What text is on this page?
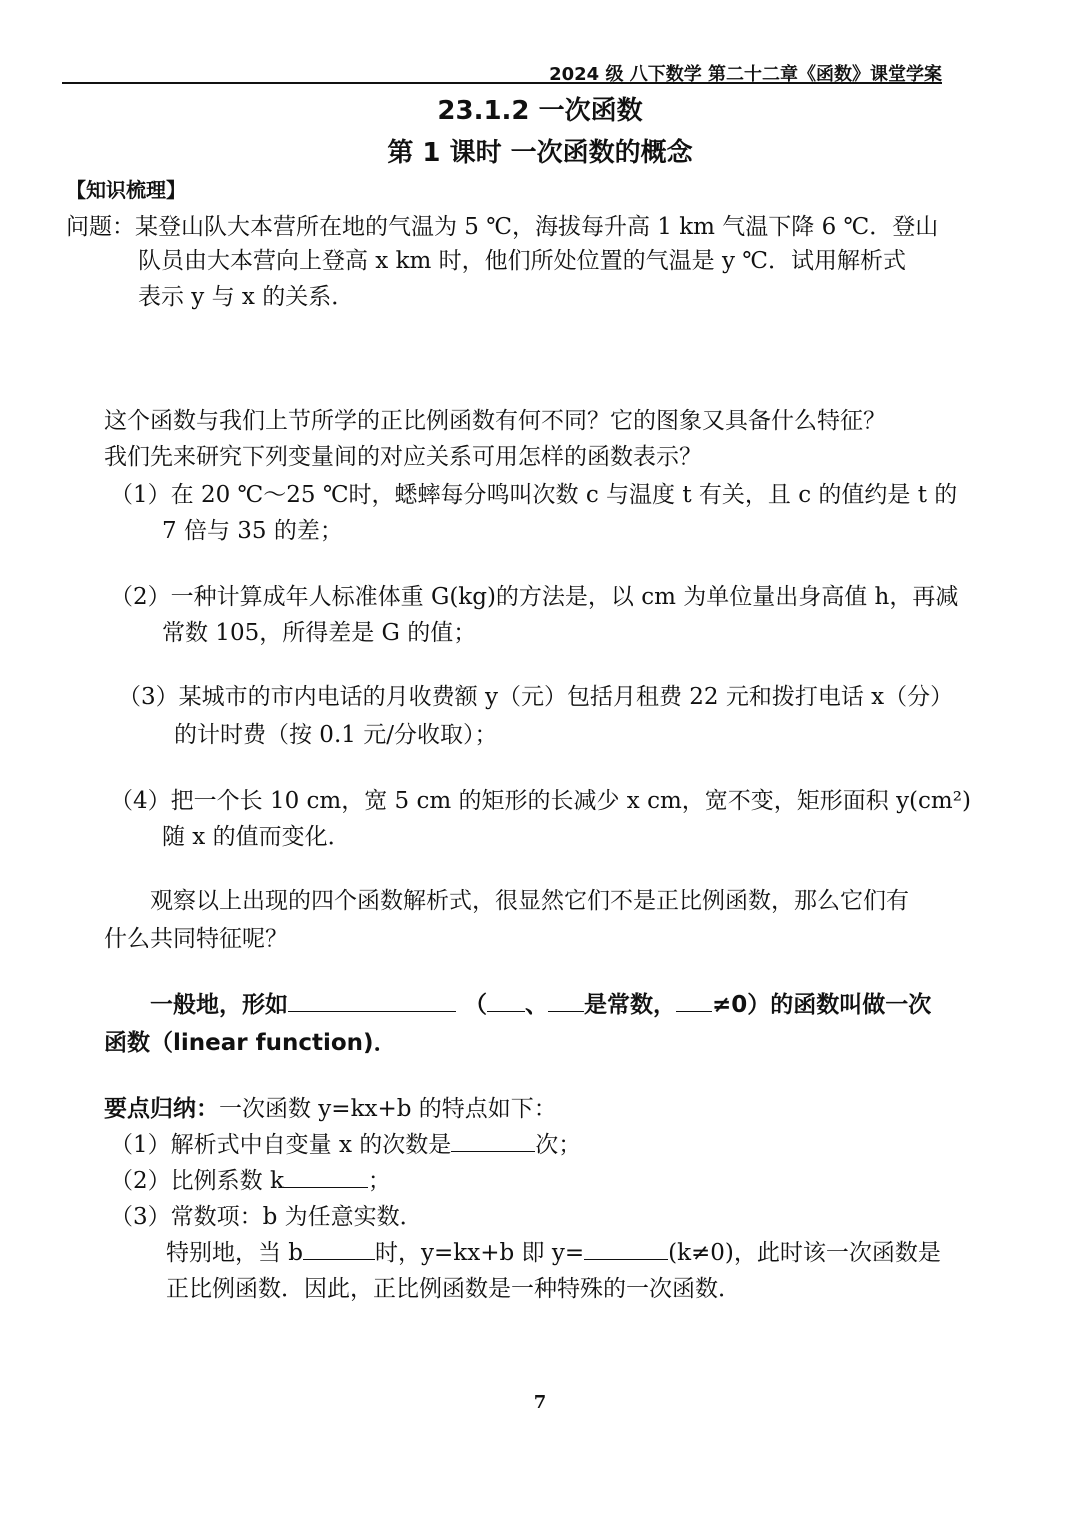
2024 级 八下数学 第二十二章《函数》课堂学案
23.1.2 一次函数
第 1 课时 一次函数的概念
【知识梳理】
问题：某登山队大本营所在地的气温为 5 ℃，海拔每升高 1 km 气温下降 6 ℃．登山
队员由大本营向上登高 x km 时，他们所处位置的气温是 y ℃．试用解析式
表示 y 与 x 的关系．
这个函数与我们上节所学的正比例函数有何不同？它的图象又具备什么特征？
我们先来研究下列变量间的对应关系可用怎样的函数表示？
（1）在 20 ℃～25 ℃时，蟋蟀每分鸣叫次数 c 与温度 t 有关，且 c 的值约是 t 的
7 倍与 35 的差；
（2）一种计算成年人标准体重 G(kg)的方法是，以 cm 为单位量出身高值 h，再减
常数 105，所得差是 G 的值；
（3）某城市的市内电话的月收费额 y（元）包括月租费 22 元和拨打电话 x（分）
的计时费（按 0.1 元/分收取）；
（4）把一个长 10 cm，宽 5 cm 的矩形的长减少 x cm，宽不变，矩形面积 y(cm²)
随 x 的值而变化．
观察以上出现的四个函数解析式，很显然它们不是正比例函数，那么它们有
什么共同特征呢？
一般地，形如	（ 、 是常数， ≠0）的函数叫做一次
函数（linear function)．
要点归纳：一次函数 y=kx+b 的特点如下：
（1）解析式中自变量 x 的次数是	次；
（2）比例系数 k	；
（3）常数项：b 为任意实数．
特别地，当 b	时，y=kx+b 即 y=	(k≠0)，此时该一次函数是
正比例函数．因此，正比例函数是一种特殊的一次函数．
7
